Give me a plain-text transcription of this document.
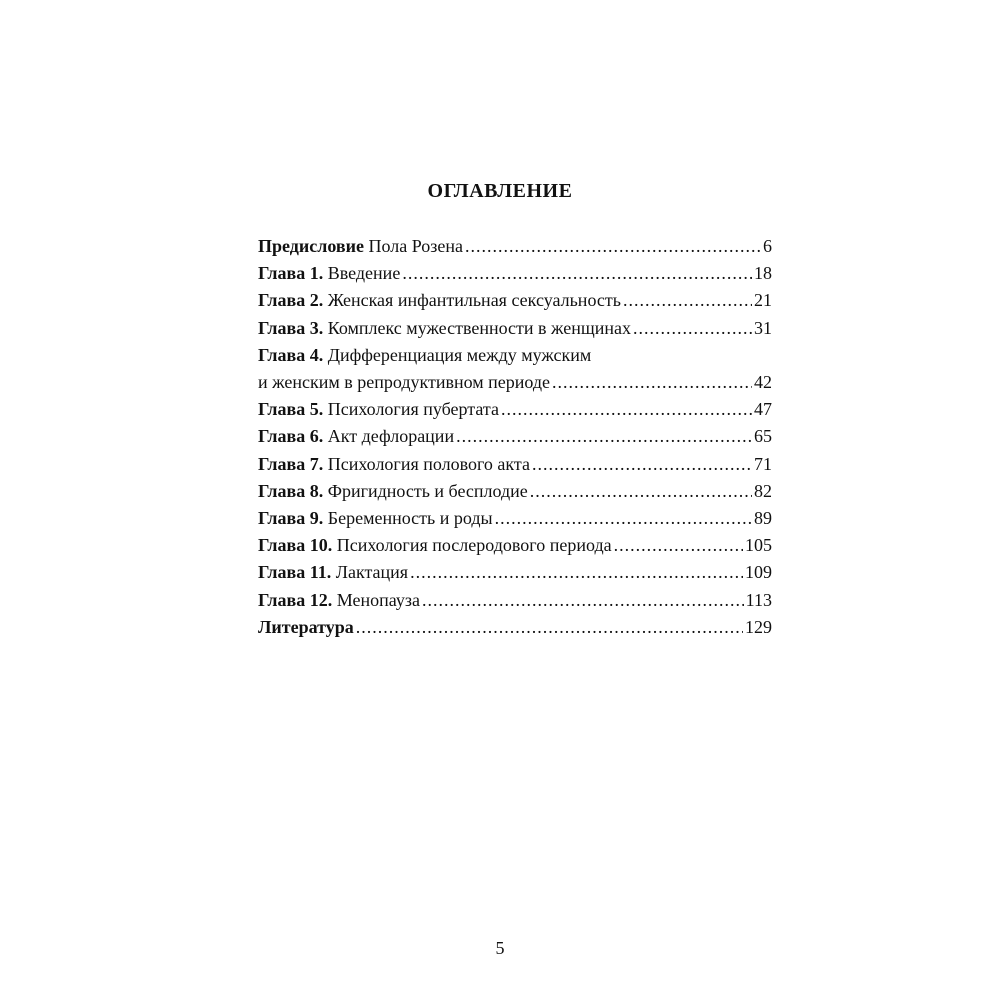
ОГЛАВЛЕНИЕ
Предисловие Пола Розена .....	6
Глава 1. Введение .....	18
Глава 2. Женская инфантильная сексуальность .....	21
Глава 3. Комплекс мужественности в женщинах .....	31
Глава 4. Дифференциация между мужским
и женским в репродуктивном периоде .....	42
Глава 5. Психология пубертата .....	47
Глава 6. Акт дефлорации .....	65
Глава 7. Психология полового акта .....	71
Глава 8. Фригидность и бесплодие .....	82
Глава 9. Беременность и роды .....	89
Глава 10. Психология послеродового периода .....	105
Глава 11. Лактация .....	109
Глава 12. Менопауза .....	113
Литература .....	129
5
